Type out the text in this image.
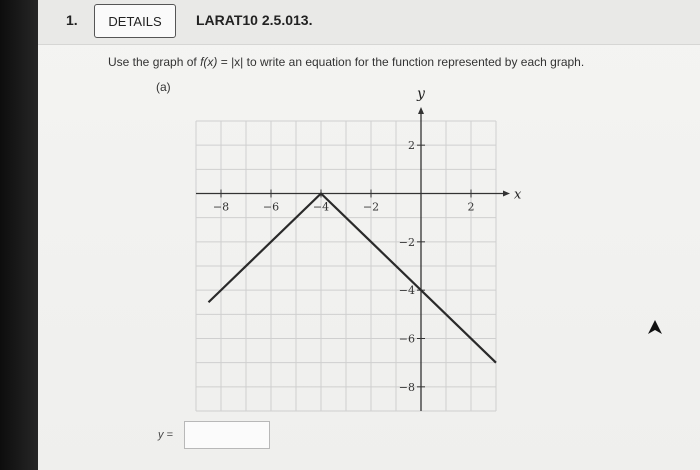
1.	DETAILS	LARAT10 2.5.013.
Use the graph of f(x) = |x| to write an equation for the function represented by each graph.
(a)
−8	−6	−4	−2	2
2
−2
−4
−6
−8
x
y
y =
